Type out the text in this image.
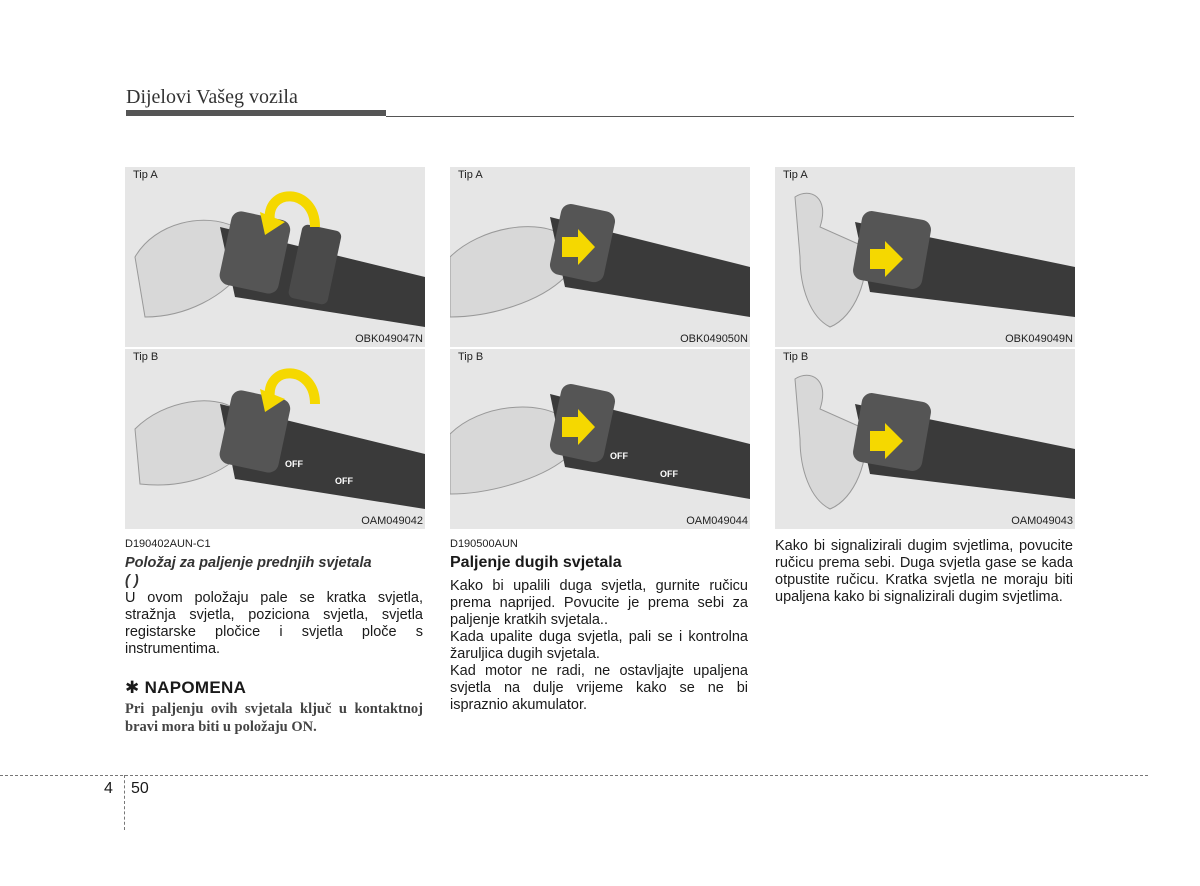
Dijelovi Vašeg vozila
Tip A
OBK049047N
Tip B
OFF
OFF
OAM049042
Tip A
OBK049050N
Tip B
OFF
OFF
OAM049044
Tip A
OBK049049N
Tip B
OAM049043
D190402AUN-C1
Položaj za paljenje prednjih svjetala
( )

U ovom položaju pale se kratka svjetla, stražnja svjetla, poziciona svjetla, svjetla registarske pločice i svjetla ploče s instrumentima.

✱ NAPOMENA
Pri paljenju ovih svjetala ključ u kontaktnoj bravi mora biti u položaju ON.
D190500AUN
Paljenje dugih svjetala

Kako bi upalili duga svjetla, gurnite ručicu prema naprijed. Povucite je prema sebi za paljenje kratkih svjetala..

Kada upalite duga svjetla, pali se i kontrolna žaruljica dugih svjetala.

Kad motor ne radi, ne ostavljajte upaljena svjetla na dulje vrijeme kako se ne bi ispraznio akumulator.

Kako bi signalizirali dugim svjetlima, povucite ručicu prema sebi. Duga svjetla gase se kada otpustite ručicu. Kratka svjetla ne moraju biti upaljena kako bi signalizirali dugim svjetlima.

4 50
